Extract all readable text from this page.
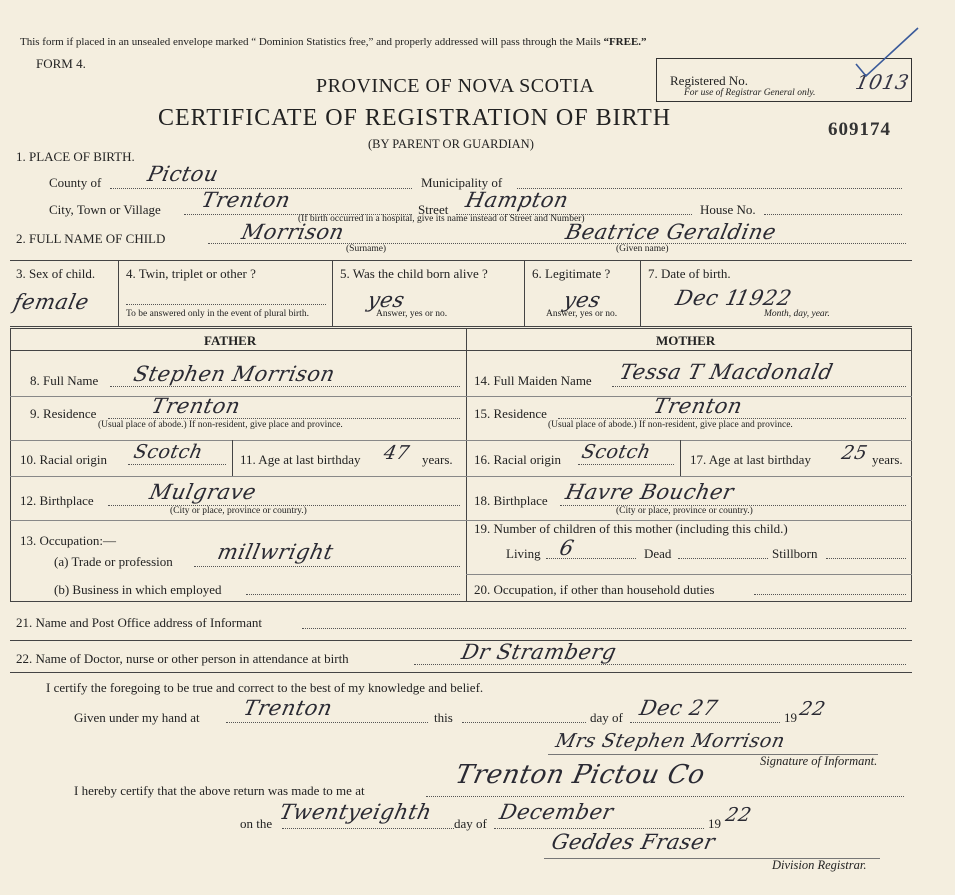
This form if placed in an unsealed envelope marked “ Dominion Statistics free,” and properly addressed will pass through the Mails “FREE.”
FORM 4.
Registered No.
For use of Registrar General only. 1013
PROVINCE OF NOVA SCOTIA
CERTIFICATE OF REGISTRATION OF BIRTH
(BY PARENT OR GUARDIAN)
609174
1. PLACE OF BIRTH.
County of Pictou	Municipality of
City, Town or Village Trenton	Street Hampton	House No.
(If birth occurred in a hospital, give its name instead of Street and Number)
2. FULL NAME OF CHILD	Morrison	Beatrice Geraldine
(Surname)	(Given name)
3. Sex of child.
female
4. Twin, triplet or other ?
To be answered only in the event of plural birth.
5. Was the child born alive ?
yes
Answer, yes or no.
6. Legitimate ?
yes
Answer, yes or no.
7. Date of birth.
Dec 1
1922
Month, day, year.
FATHER	MOTHER
8. Full Name Stephen Morrison
9. Residence	Trenton
(Usual place of abode.) If non-resident, give place and province.
10. Racial origin Scotch	11. Age at last birthday 47 years.
12. Birthplace	Mulgrave
(City or place, province or country.)
13. Occupation:—
(a) Trade or profession millwright
(b) Business in which employed
14. Full Maiden Name Tessa T Macdonald
15. Residence	Trenton
(Usual place of abode.) If non-resident, give place and province.
16. Racial origin Scotch	17. Age at last birthday 25 years.
18. Birthplace Havre Boucher
(City or place, province or country.)
19. Number of children of this mother (including this child.)
Living 6	Dead	Stillborn
20. Occupation, if other than household duties
21. Name and Post Office address of Informant
22. Name of Doctor, nurse or other person in attendance at birth	Dr Stramberg
I certify the foregoing to be true and correct to the best of my knowledge and belief.
Given under my hand at Trenton	this	day of Dec 27	19 22
Mrs Stephen Morrison
Signature of Informant.
I hereby certify that the above return was made to me at
Trenton Pictou Co
on the Twentyeighth day of December	19 22
Geddes Fraser
Division Registrar.
